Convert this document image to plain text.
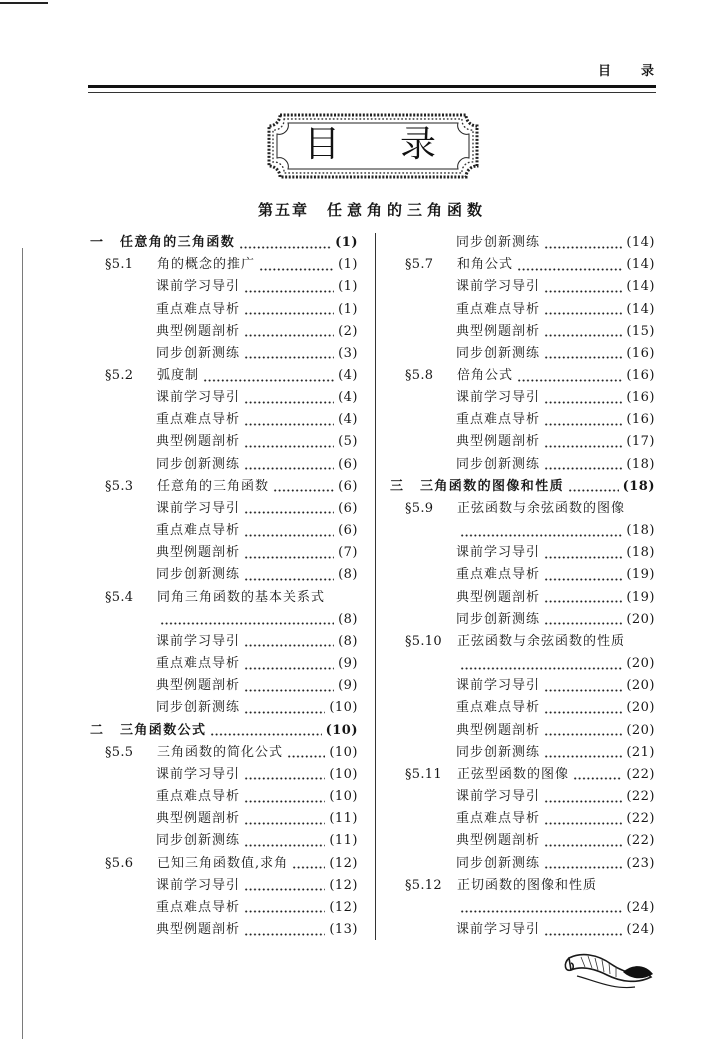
目录
目录
第五章 任意角的三角函数
一	任意角的三角函数	(1)
§5.1	角的概念的推广	(1)
课前学习导引	(1)
重点难点导析	(1)
典型例题剖析	(2)
同步创新测练	(3)
§5.2	弧度制	(4)
课前学习导引	(4)
重点难点导析	(4)
典型例题剖析	(5)
同步创新测练	(6)
§5.3	任意角的三角函数	(6)
课前学习导引	(6)
重点难点导析	(6)
典型例题剖析	(7)
同步创新测练	(8)
§5.4	同角三角函数的基本关系式
(8)
课前学习导引	(8)
重点难点导析	(9)
典型例题剖析	(9)
同步创新测练	(10)
二	三角函数公式	(10)
§5.5	三角函数的简化公式	(10)
课前学习导引	(10)
重点难点导析	(10)
典型例题剖析	(11)
同步创新测练	(11)
§5.6	已知三角函数值,求角	(12)
课前学习导引	(12)
重点难点导析	(12)
典型例题剖析	(13)
同步创新测练	(14)
§5.7	和角公式	(14)
课前学习导引	(14)
重点难点导析	(14)
典型例题剖析	(15)
同步创新测练	(16)
§5.8	倍角公式	(16)
课前学习导引	(16)
重点难点导析	(16)
典型例题剖析	(17)
同步创新测练	(18)
三	三角函数的图像和性质	(18)
§5.9	正弦函数与余弦函数的图像
(18)
课前学习导引	(18)
重点难点导析	(19)
典型例题剖析	(19)
同步创新测练	(20)
§5.10	正弦函数与余弦函数的性质
(20)
课前学习导引	(20)
重点难点导析	(20)
典型例题剖析	(20)
同步创新测练	(21)
§5.11	正弦型函数的图像	(22)
课前学习导引	(22)
重点难点导析	(22)
典型例题剖析	(22)
同步创新测练	(23)
§5.12	正切函数的图像和性质
(24)
课前学习导引	(24)
